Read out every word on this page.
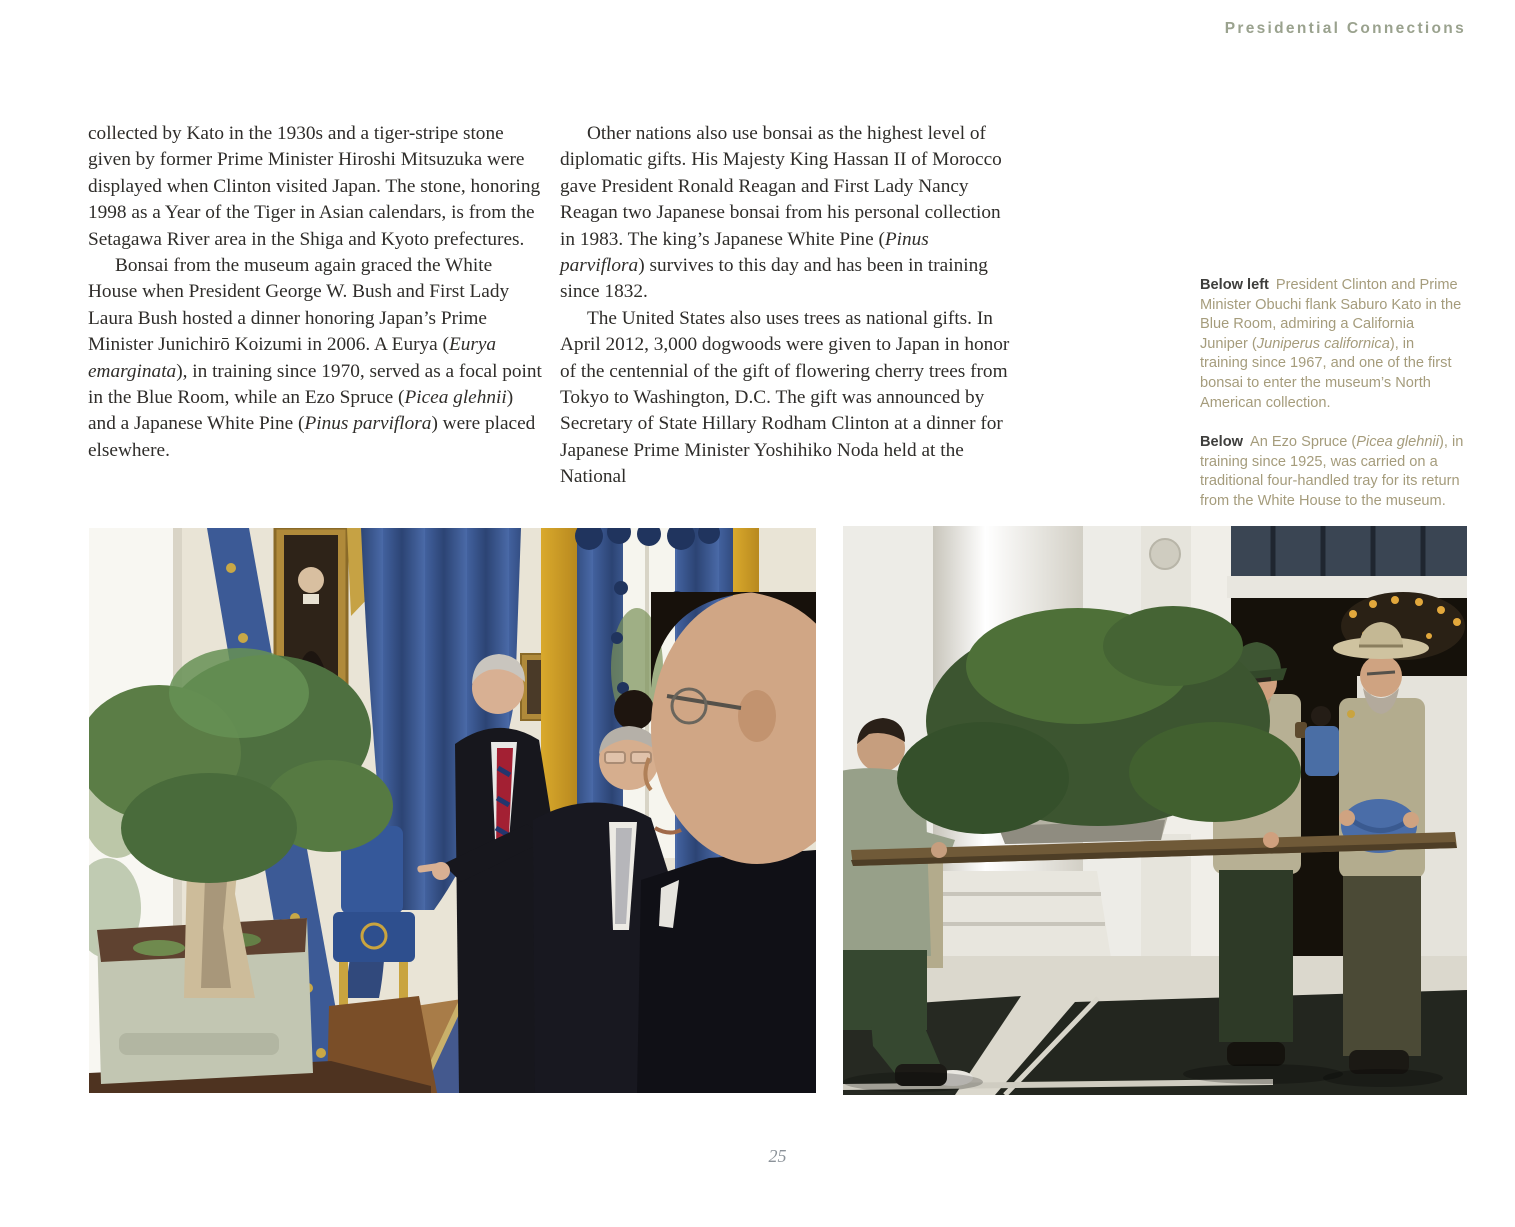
Presidential Connections

collected by Kato in the 1930s and a tiger-stripe stone given by former Prime Minister Hiroshi Mitsuzuka were displayed when Clinton visited Japan. The stone, honoring 1998 as a Year of the Tiger in Asian calendars, is from the Setagawa River area in the Shiga and Kyoto prefectures.

Bonsai from the museum again graced the White House when President George W. Bush and First Lady Laura Bush hosted a dinner honoring Japan’s Prime Minister Junichirō Koizumi in 2006. A Eurya (Eurya emarginata), in training since 1970, served as a focal point in the Blue Room, while an Ezo Spruce (Picea glehnii) and a Japanese White Pine (Pinus parviflora) were placed elsewhere.

Other nations also use bonsai as the highest level of diplomatic gifts. His Majesty King Hassan II of Morocco gave President Ronald Reagan and First Lady Nancy Reagan two Japanese bonsai from his personal collection in 1983. The king’s Japanese White Pine (Pinus parviflora) survives to this day and has been in training since 1832.

The United States also uses trees as national gifts. In April 2012, 3,000 dogwoods were given to Japan in honor of the centennial of the gift of flowering cherry trees from Tokyo to Washington, D.C. The gift was announced by Secretary of State Hillary Rodham Clinton at a dinner for Japanese Prime Minister Yoshihiko Noda held at the National

Below left President Clinton and Prime Minister Obuchi flank Saburo Kato in the Blue Room, admiring a California Juniper (Juniperus californica), in training since 1967, and one of the first bonsai to enter the museum’s North American collection.

Below An Ezo Spruce (Picea glehnii), in training since 1925, was carried on a traditional four-handled tray for its return from the White House to the museum.

25
